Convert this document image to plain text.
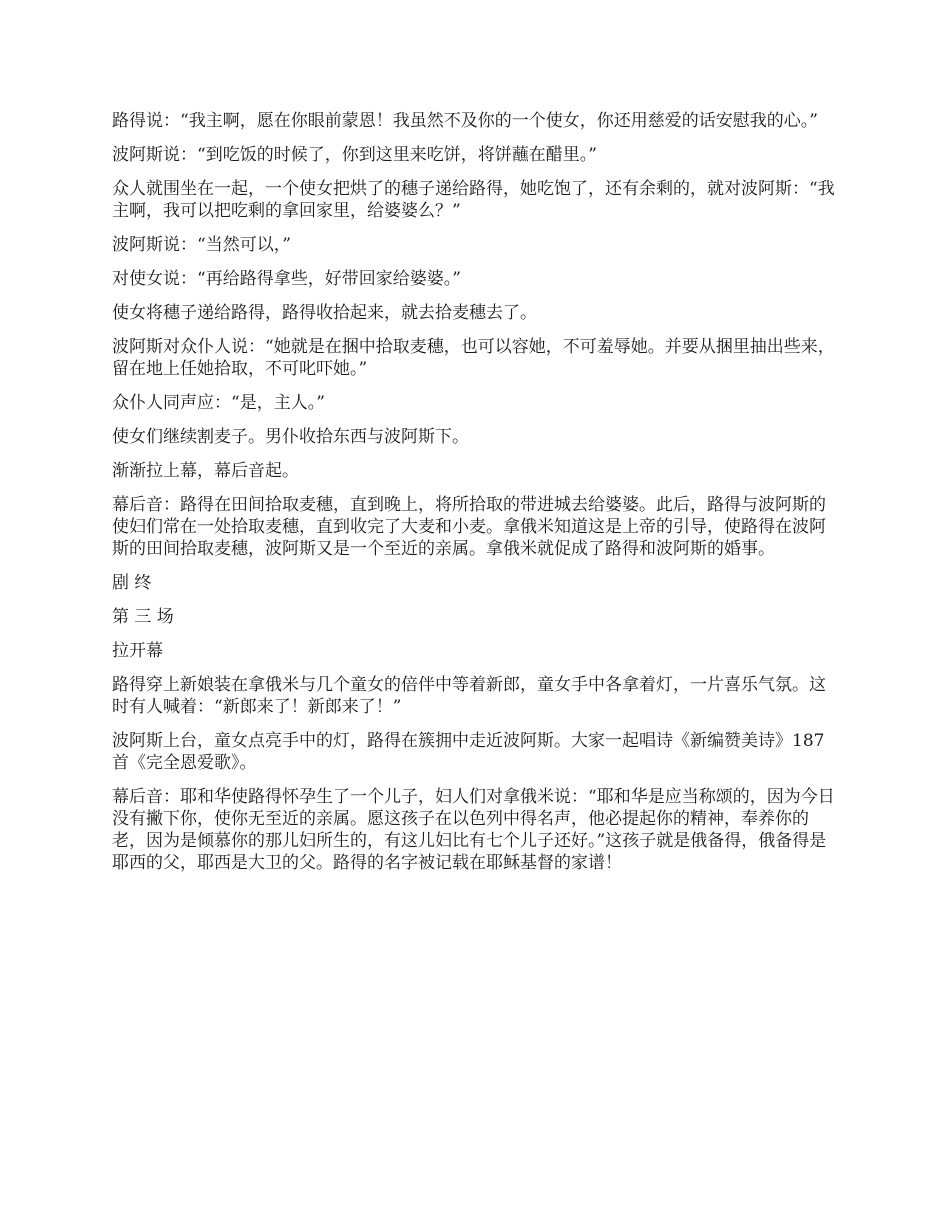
路得说：“我主啊，愿在你眼前蒙恩！我虽然不及你的一个使女，你还用慈爱的话安慰我的心。”

波阿斯说：“到吃饭的时候了，你到这里来吃饼，将饼蘸在醋里。”

众人就围坐在一起，一个使女把烘了的穗子递给路得，她吃饱了，还有余剩的，就对波阿斯：“我主啊，我可以把吃剩的拿回家里，给婆婆么？”

波阿斯说：“当然可以，”

对使女说：“再给路得拿些，好带回家给婆婆。”

使女将穗子递给路得，路得收拾起来，就去拾麦穗去了。

波阿斯对众仆人说：“她就是在捆中拾取麦穗，也可以容她，不可羞辱她。并要从捆里抽出些来，留在地上任她拾取，不可叱吓她。”

众仆人同声应：“是，主人。”

使女们继续割麦子。男仆收拾东西与波阿斯下。

渐渐拉上幕，幕后音起。

幕后音：路得在田间拾取麦穗，直到晚上，将所拾取的带进城去给婆婆。此后，路得与波阿斯的使妇们常在一处拾取麦穗，直到收完了大麦和小麦。拿俄米知道这是上帝的引导，使路得在波阿斯的田间拾取麦穗，波阿斯又是一个至近的亲属。拿俄米就促成了路得和波阿斯的婚事。

剧 终

第 三 场

拉开幕

路得穿上新娘装在拿俄米与几个童女的倍伴中等着新郎，童女手中各拿着灯，一片喜乐气氛。这时有人喊着：“新郎来了！新郎来了！”

波阿斯上台，童女点亮手中的灯，路得在簇拥中走近波阿斯。大家一起唱诗《新编赞美诗》187 首《完全恩爱歌》。

幕后音：耶和华使路得怀孕生了一个儿子，妇人们对拿俄米说：“耶和华是应当称颂的，因为今日没有撇下你，使你无至近的亲属。愿这孩子在以色列中得名声，他必提起你的精神，奉养你的老，因为是倾慕你的那儿妇所生的，有这儿妇比有七个儿子还好。”这孩子就是俄备得，俄备得是耶西的父，耶西是大卫的父。路得的名字被记载在耶稣基督的家谱！
